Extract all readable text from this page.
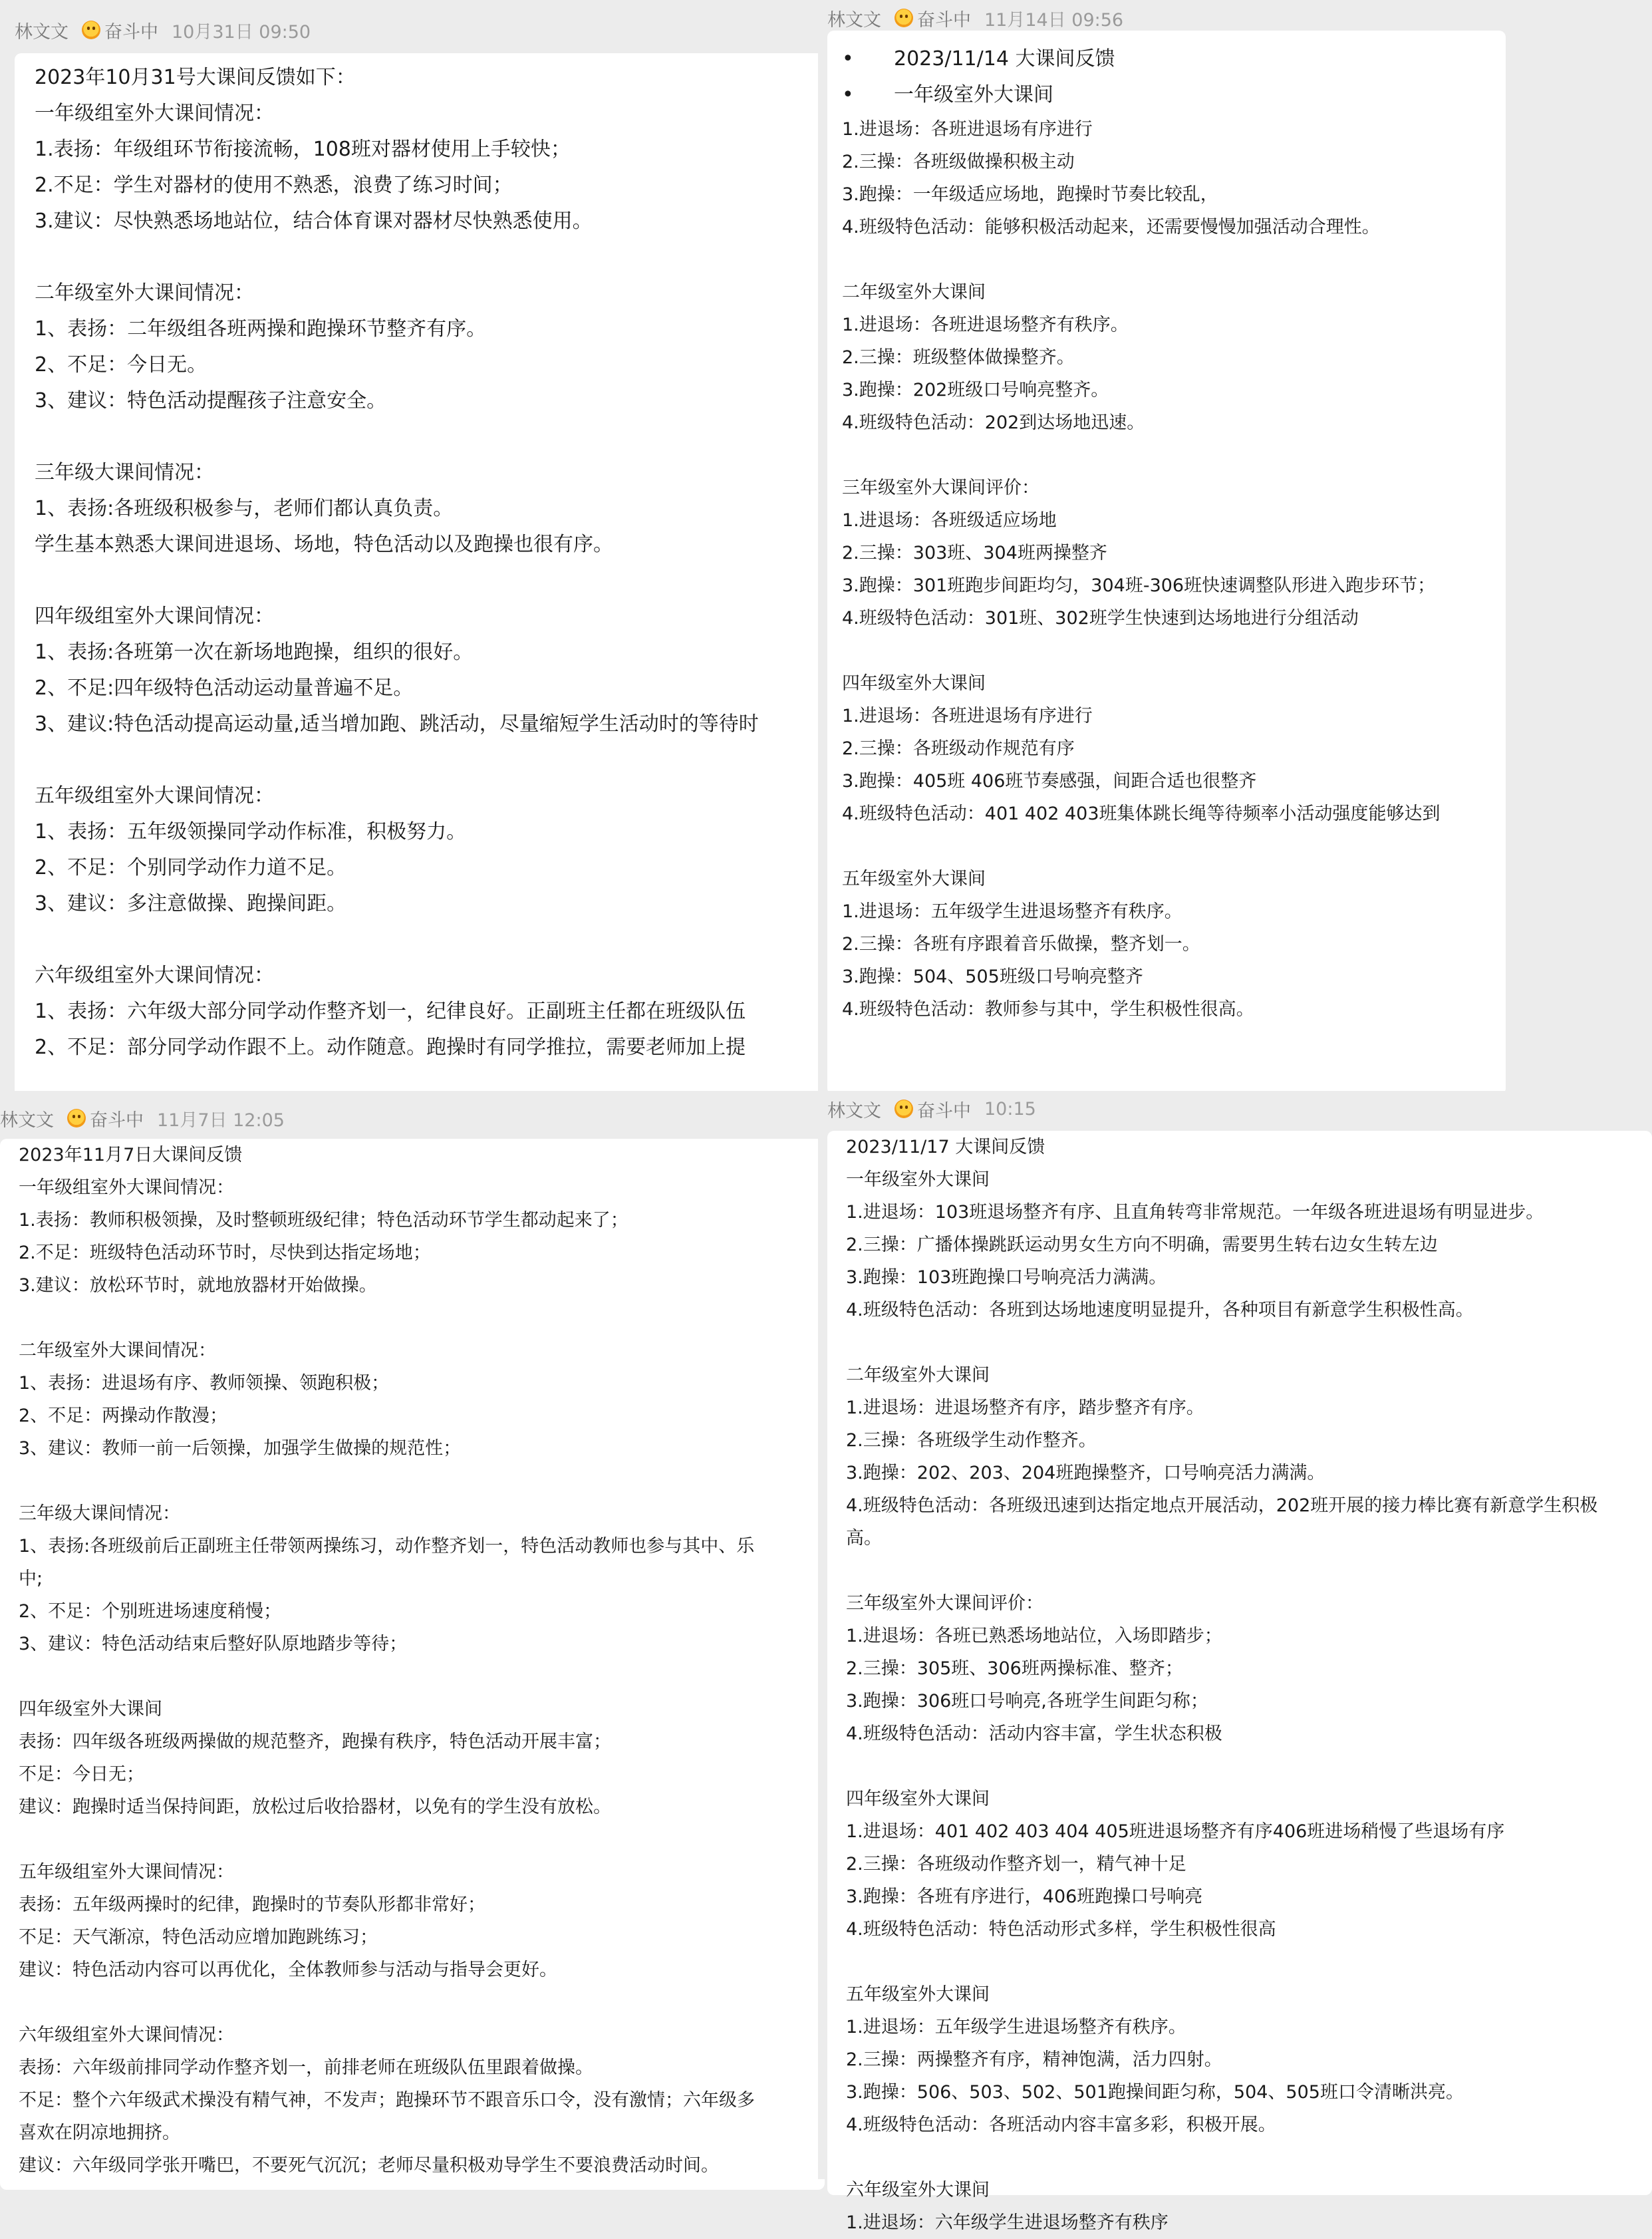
林文文 奋斗中 10月31日 09:50
2023年10月31号大课间反馈如下：
一年级组室外大课间情况：
1.表扬：年级组环节衔接流畅，108班对器材使用上手较快；
2.不足：学生对器材的使用不熟悉，浪费了练习时间；
3.建议：尽快熟悉场地站位，结合体育课对器材尽快熟悉使用。
二年级室外大课间情况：
1、表扬：二年级组各班两操和跑操环节整齐有序。
2、不足：今日无。
3、建议：特色活动提醒孩子注意安全。
三年级大课间情况：
1、表扬:各班级积极参与，老师们都认真负责。
学生基本熟悉大课间进退场、场地，特色活动以及跑操也很有序。
四年级组室外大课间情况：
1、表扬:各班第一次在新场地跑操，组织的很好。
2、不足:四年级特色活动运动量普遍不足。
3、建议:特色活动提高运动量,适当增加跑、跳活动，尽量缩短学生活动时的等待时
五年级组室外大课间情况：
1、表扬：五年级领操同学动作标准，积极努力。
2、不足：个别同学动作力道不足。
3、建议：多注意做操、跑操间距。
六年级组室外大课间情况：
1、表扬：六年级大部分同学动作整齐划一，纪律良好。正副班主任都在班级队伍
2、不足：部分同学动作跟不上。动作随意。跑操时有同学推拉，需要老师加上提
林文文 奋斗中 11月14日 09:56
• 2023/11/14 大课间反馈
• 一年级室外大课间
1.进退场：各班进退场有序进行
2.三操：各班级做操积极主动
3.跑操：一年级适应场地，跑操时节奏比较乱，
4.班级特色活动：能够积极活动起来，还需要慢慢加强活动合理性。
二年级室外大课间
1.进退场：各班进退场整齐有秩序。
2.三操：班级整体做操整齐。
3.跑操：202班级口号响亮整齐。
4.班级特色活动：202到达场地迅速。
三年级室外大课间评价：
1.进退场：各班级适应场地
2.三操：303班、304班两操整齐
3.跑操：301班跑步间距均匀，304班-306班快速调整队形进入跑步环节；
4.班级特色活动：301班、302班学生快速到达场地进行分组活动
四年级室外大课间
1.进退场：各班进退场有序进行
2.三操：各班级动作规范有序
3.跑操：405班 406班节奏感强，间距合适也很整齐
4.班级特色活动：401 402 403班集体跳长绳等待频率小活动强度能够达到
五年级室外大课间
1.进退场：五年级学生进退场整齐有秩序。
2.三操：各班有序跟着音乐做操，整齐划一。
3.跑操：504、505班级口号响亮整齐
4.班级特色活动：教师参与其中，学生积极性很高。
林文文 奋斗中 11月7日 12:05
2023年11月7日大课间反馈
一年级组室外大课间情况：
1.表扬：教师积极领操，及时整顿班级纪律；特色活动环节学生都动起来了；
2.不足：班级特色活动环节时，尽快到达指定场地；
3.建议：放松环节时，就地放器材开始做操。
二年级室外大课间情况：
1、表扬：进退场有序、教师领操、领跑积极；
2、不足：两操动作散漫；
3、建议：教师一前一后领操，加强学生做操的规范性；
三年级大课间情况：
1、表扬:各班级前后正副班主任带领两操练习，动作整齐划一，特色活动教师也参与其中、乐
中;
2、不足：个别班进场速度稍慢；
3、建议：特色活动结束后整好队原地踏步等待；
四年级室外大课间
表扬：四年级各班级两操做的规范整齐，跑操有秩序，特色活动开展丰富；
不足：今日无；
建议：跑操时适当保持间距，放松过后收拾器材，以免有的学生没有放松。
五年级组室外大课间情况：
表扬：五年级两操时的纪律，跑操时的节奏队形都非常好；
不足：天气渐凉，特色活动应增加跑跳练习；
建议：特色活动内容可以再优化，全体教师参与活动与指导会更好。
六年级组室外大课间情况：
表扬：六年级前排同学动作整齐划一，前排老师在班级队伍里跟着做操。
不足：整个六年级武术操没有精气神，不发声；跑操环节不跟音乐口令，没有激情；六年级多
喜欢在阴凉地拥挤。
建议：六年级同学张开嘴巴，不要死气沉沉；老师尽量积极劝导学生不要浪费活动时间。
林文文 奋斗中 10:15
2023/11/17 大课间反馈
一年级室外大课间
1.进退场：103班退场整齐有序、且直角转弯非常规范。一年级各班进退场有明显进步。
2.三操：广播体操跳跃运动男女生方向不明确，需要男生转右边女生转左边
3.跑操：103班跑操口号响亮活力满满。
4.班级特色活动：各班到达场地速度明显提升，各种项目有新意学生积极性高。
二年级室外大课间
1.进退场：进退场整齐有序，踏步整齐有序。
2.三操：各班级学生动作整齐。
3.跑操：202、203、204班跑操整齐，口号响亮活力满满。
4.班级特色活动：各班级迅速到达指定地点开展活动，202班开展的接力棒比赛有新意学生积极
高。
三年级室外大课间评价：
1.进退场：各班已熟悉场地站位，入场即踏步；
2.三操：305班、306班两操标准、整齐；
3.跑操：306班口号响亮,各班学生间距匀称；
4.班级特色活动：活动内容丰富，学生状态积极
四年级室外大课间
1.进退场：401 402 403 404 405班进退场整齐有序406班进场稍慢了些退场有序
2.三操：各班级动作整齐划一，精气神十足
3.跑操：各班有序进行，406班跑操口号响亮
4.班级特色活动：特色活动形式多样，学生积极性很高
五年级室外大课间
1.进退场：五年级学生进退场整齐有秩序。
2.三操：两操整齐有序，精神饱满，活力四射。
3.跑操：506、503、502、501跑操间距匀称，504、505班口令清晰洪亮。
4.班级特色活动：各班活动内容丰富多彩，积极开展。
六年级室外大课间
1.进退场：六年级学生进退场整齐有秩序
